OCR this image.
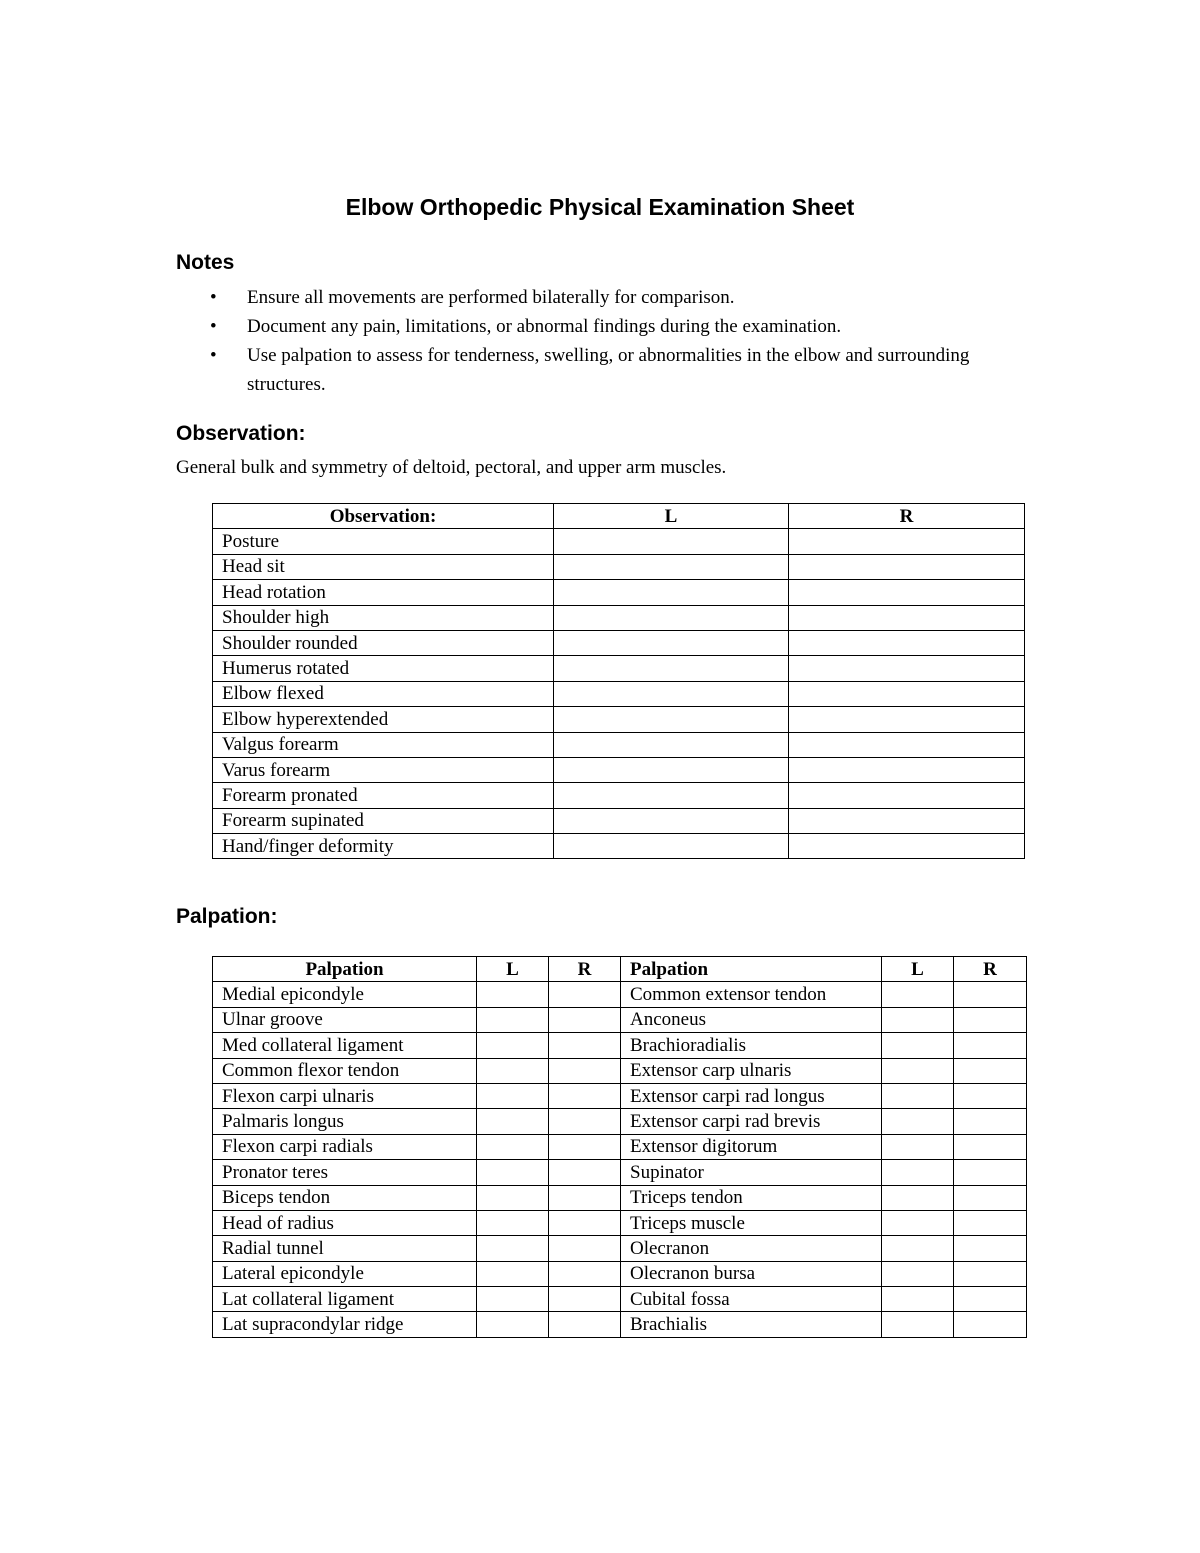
Elbow Orthopedic Physical Examination Sheet
Notes
•	Ensure all movements are performed bilaterally for comparison.
•	Document any pain, limitations, or abnormal findings during the examination.
•	Use palpation to assess for tenderness, swelling, or abnormalities in the elbow and surrounding structures.
Observation:
General bulk and symmetry of deltoid, pectoral, and upper arm muscles.
Observation:	L	R
Posture		
Head sit		
Head rotation		
Shoulder high		
Shoulder rounded		
Humerus rotated		
Elbow flexed		
Elbow hyperextended		
Valgus forearm		
Varus forearm		
Forearm pronated		
Forearm supinated		
Hand/finger deformity		
Palpation:
Palpation	L	R	Palpation	L	R
Medial epicondyle			Common extensor tendon		
Ulnar groove			Anconeus		
Med collateral ligament			Brachioradialis		
Common flexor tendon			Extensor carp ulnaris		
Flexon carpi ulnaris			Extensor carpi rad longus		
Palmaris longus			Extensor carpi rad brevis		
Flexon carpi radials			Extensor digitorum		
Pronator teres			Supinator		
Biceps tendon			Triceps tendon		
Head of radius			Triceps muscle		
Radial tunnel			Olecranon		
Lateral epicondyle			Olecranon bursa		
Lat collateral ligament			Cubital fossa		
Lat supracondylar ridge			Brachialis		
